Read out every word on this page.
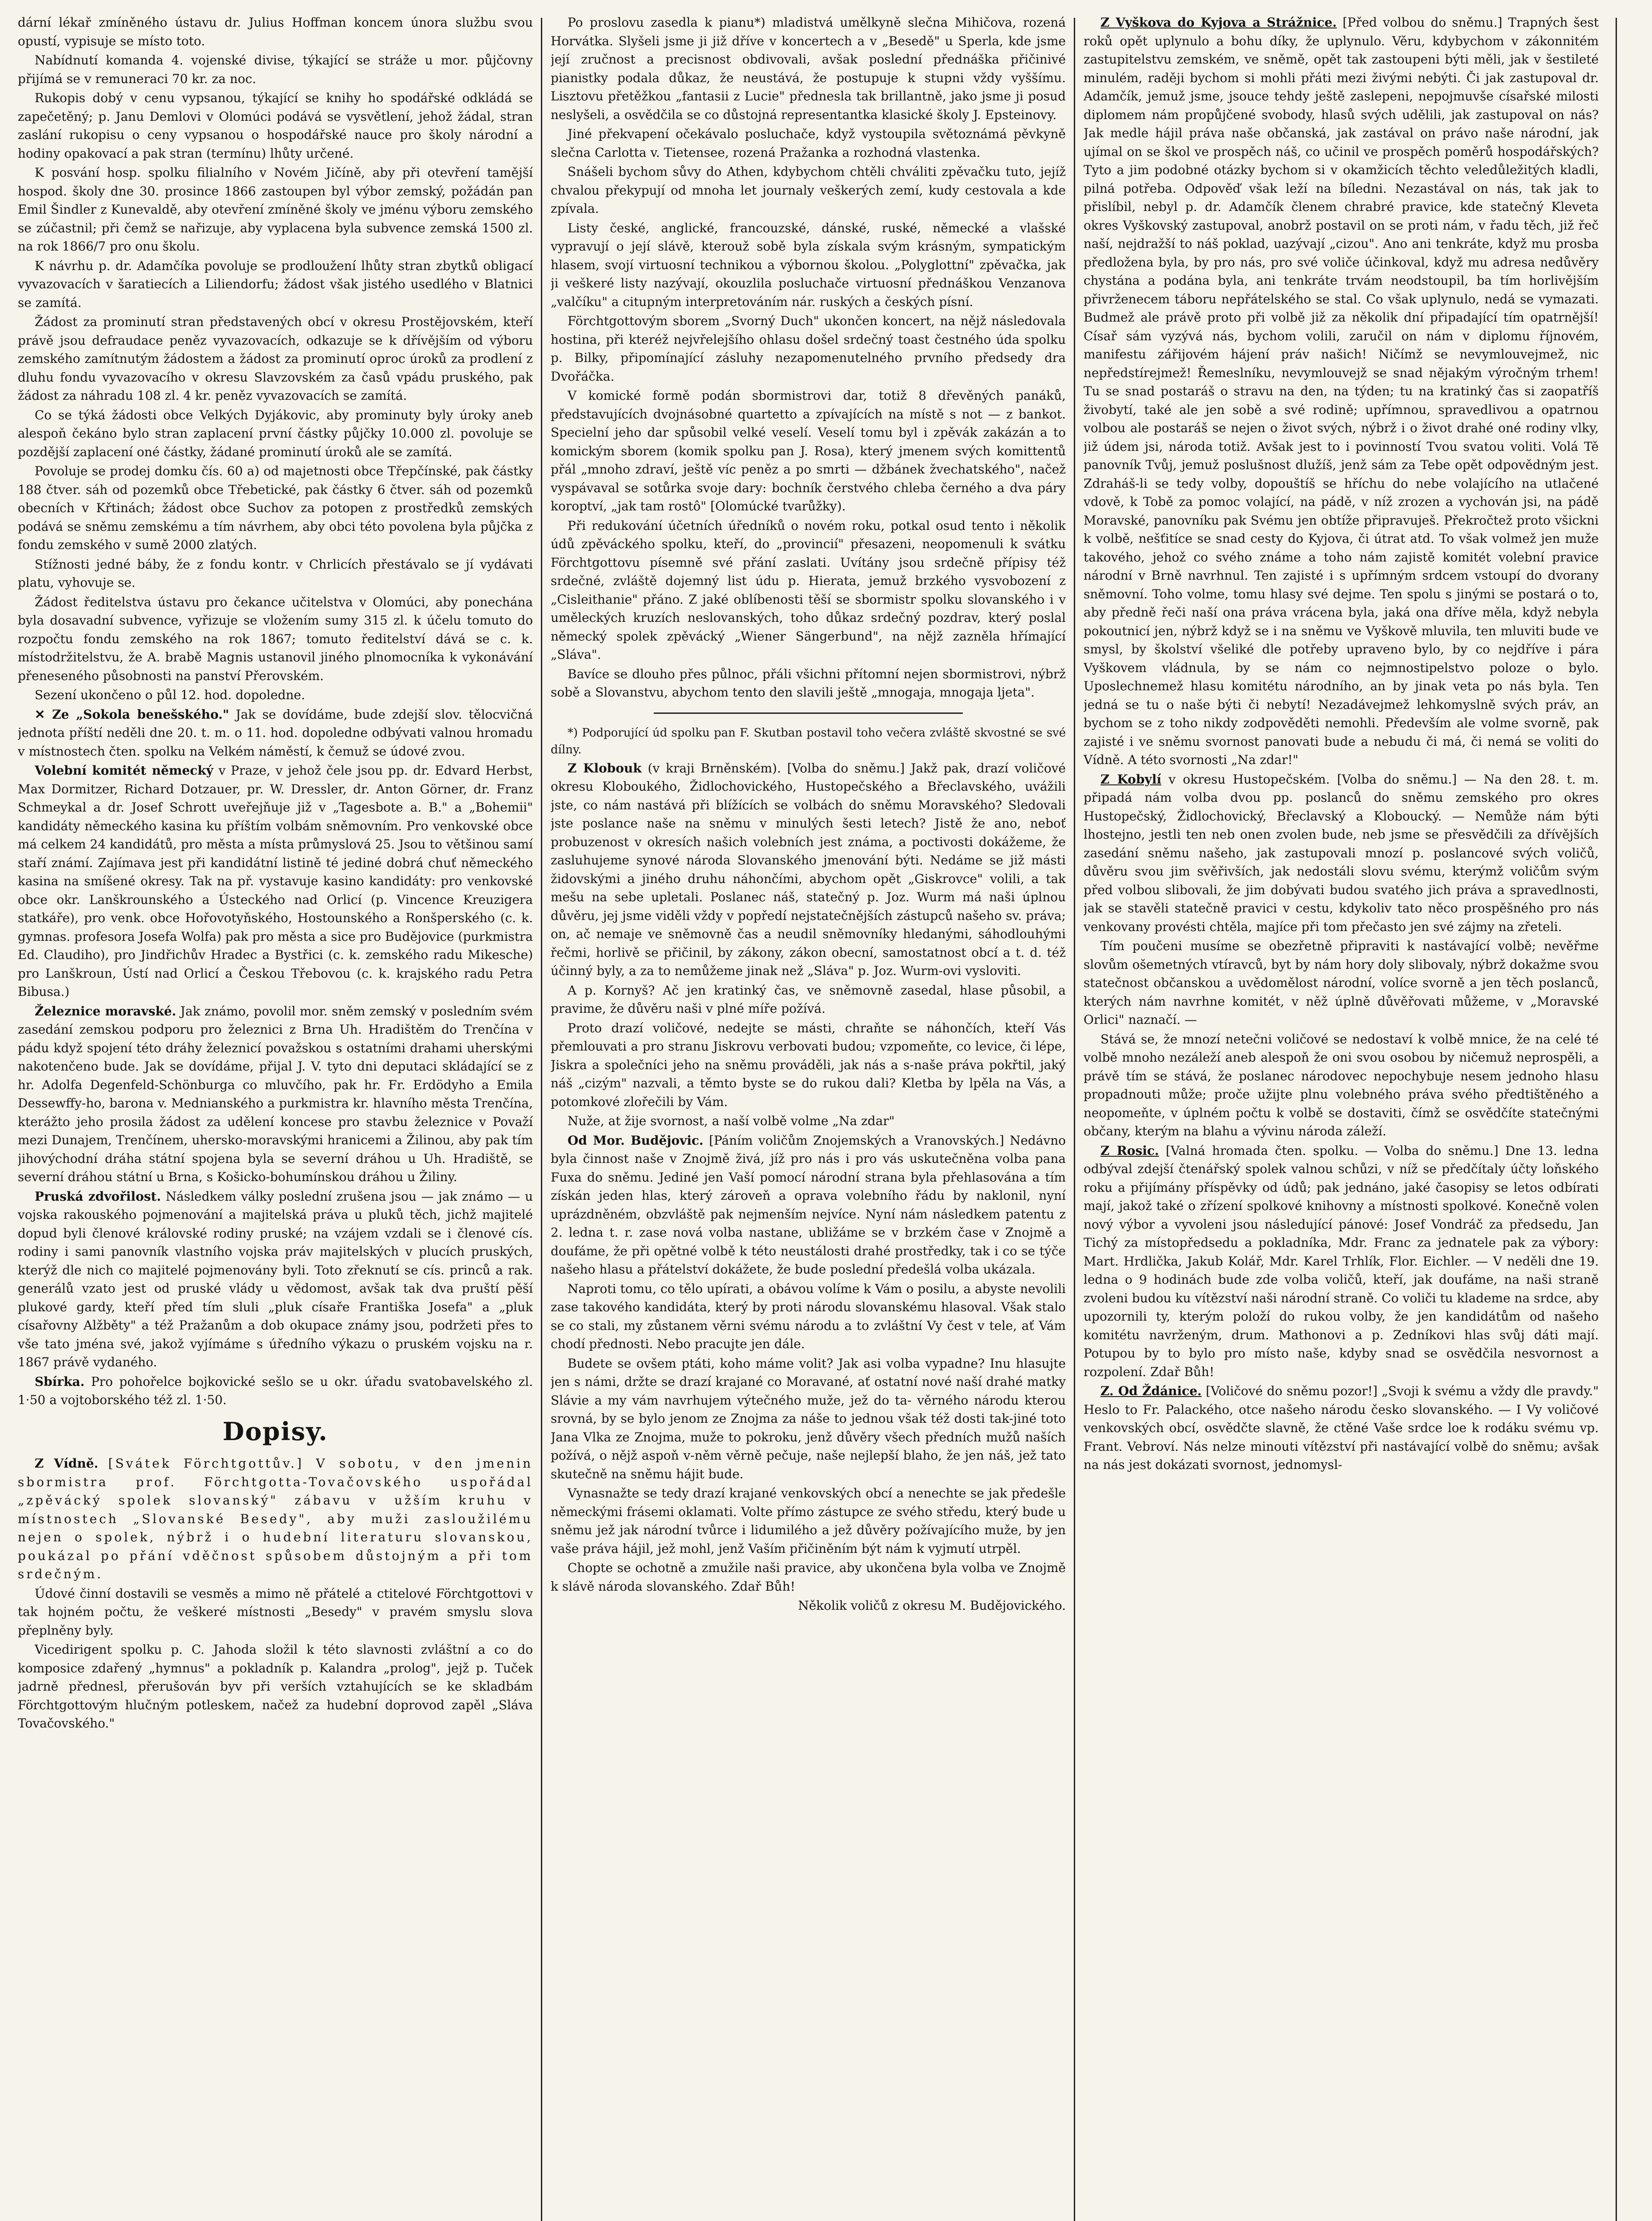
dární lékař zmíněného ústavu dr. Julius Hoffman koncem února službu svou opustí, vypisuje se místo toto.

Nabídnutí komanda 4. vojenské divise, týkající se stráže u mor. půjčovny přijímá se v remuneraci 70 kr. za noc.

Rukopis dobý v cenu vypsanou, týkající se knihy ho spodářské odkládá se zapečetěný; p. Janu Demlovi v Olomúci podává se vysvětlení, jehož žádal, stran zaslání rukopisu o ceny vypsanou o hospodářské nauce pro školy národní a hodiny opakovací a pak stran (termínu) lhůty určené.

K posvání hosp. spolku filialního v Novém Jičíně, aby při otevření tamější hospod. školy dne 30. prosince 1866 zastoupen byl výbor zemský, požádán pan Emil Šindler z Kunevaldě, aby otevření zmíněné školy ve jménu výboru zemského se zúčastnil; při čemž se nařizuje, aby vyplacena byla subvence zemská 1500 zl. na rok 1866/7 pro onu školu.

K návrhu p. dr. Adamčíka povoluje se prodloužení lhůty stran zbytků obligací vyvazovacích v šaratiecích a Liliendorfu; žádost však jistého usedlého v Blatnici se zamítá.

Žádost za prominutí stran představených obcí v okresu Prostějovském, kteří právě jsou defraudace peněz vyvazovacích, odkazuje se k dřívějším od výboru zemského zamítnutým žádostem a žádost za prominutí oproc úroků za prodlení z dluhu fondu vyvazovacího v okresu Slavzovském za časů vpádu pruského, pak žádost za náhradu 108 zl. 4 kr. peněz vyvazovacích se zamítá.

Co se týká žádosti obce Velkých Dyjákovic, aby prominuty byly úroky aneb alespoň čekáno bylo stran zaplacení první částky půjčky 10.000 zl. povoluje se pozdější zaplacení oné částky, žádané prominutí úroků ale se zamítá.

Povoluje se prodej domku čís. 60 a) od majetnosti obce Třepčínské, pak částky 188 čtver. sáh od pozemků obce Třebetické, pak částky 6 čtver. sáh od pozemků obecních v Křtinách; žádost obce Suchov za potopen z prostředků zemských podává se sněmu zemskému a tím návrhem, aby obci této povolena byla půjčka z fondu zemského v sumě 2000 zlatých.

Stížnosti jedné báby, že z fondu kontr. v Chrlicích přestávalo se jí vydávati platu, vyhovuje se.

Žádost ředitelstva ústavu pro čekance učitelstva v Olomúci, aby ponechána byla dosavadní subvence, vyřizuje se vložením sumy 315 zl. k účelu tomuto do rozpočtu fondu zemského na rok 1867; tomuto ředitelství dává se c. k. místodržitelstvu, že A. brabě Magnis ustanovil jiného plnomocníka k vykonávání přeneseného působnosti na panství Přerovském.

Sezení ukončeno o půl 12. hod. dopoledne.

✕ Ze „Sokola benešského." Jak se dovídáme, bude zdejší slov. tělocvičná jednota příští neděli dne 20. t. m. o 11. hod. dopoledne odbývati valnou hromadu v místnostech čten. spolku na Velkém náměstí, k čemuž se údové zvou.

Volební komitét německý v Praze, v jehož čele jsou pp. dr. Edvard Herbst, Max Dormitzer, Richard Dotzauer, pr. W. Dressler, dr. Anton Görner, dr. Franz Schmeykal a dr. Josef Schrott uveřejňuje již v „Tagesbote a. B." a „Bohemii" kandidáty německého kasina ku příštím volbám sněmovním. Pro venkovské obce má celkem 24 kandidátů, pro města a místa průmyslová 25. Jsou to většinou samí staří známí. Zajímava jest při kandidátní listině té jediné dobrá chuť německého kasina na smíšené okresy. Tak na př. vystavuje kasino kandidáty: pro venkovské obce okr. Lanškrounského a Ústeckého nad Orlicí (p. Vincence Kreuzigera statkáře), pro venk. obce Hořovotyňského, Hostounského a Ronšperského (c. k. gymnas. profesora Josefa Wolfa) pak pro města a sice pro Budějovice (purkmistra Ed. Claudiho), pro Jindřichův Hradec a Bystřici (c. k. zemského radu Mikesche) pro Lanškroun, Ústí nad Orlicí a Českou Třebovou (c. k. krajského radu Petra Bibusa.)

Železnice moravské. Jak známo, povolil mor. sněm zemský v posledním svém zasedání zemskou podporu pro železnici z Brna Uh. Hradištěm do Trenčína v pádu když spojení této dráhy železnicí považskou s ostatními drahami uherskými nakotenčeno bude. Jak se dovídáme, přijal J. V. tyto dni deputaci skládající se z hr. Adolfa Degenfeld-Schönburga co mluvčího, pak hr. Fr. Erdödyho a Emila Dessewffy-ho, barona v. Mednianského a purkmistra kr. hlavního města Trenčína, kterážto jeho prosila žádost za udělení koncese pro stavbu železnice v Považí mezi Dunajem, Trenčínem, uhersko-moravskými hranicemi a Žilinou, aby pak tím jihovýchodní dráha státní spojena byla se severní dráhou u Uh. Hradiště, se severní dráhou státní u Brna, s Košicko-bohumínskou dráhou u Žiliny.

Pruská zdvořilost. Následkem války poslední zrušena jsou — jak známo — u vojska rakouského pojmenování a majitelská práva u pluků těch, jichž majitelé dopud byli členové královské rodiny pruské; na vzájem vzdali se i členové cís. rodiny i sami panovník vlastního vojska práv majitelských v plucích pruských, kterýž dle nich co majitelé pojmenovány byli. Toto zřeknutí se cís. princů a rak. generálů vzato jest od pruské vlády u vědomost, avšak tak dva pruští pěší plukové gardy, kteří před tím sluli „pluk císaře Františka Josefa" a „pluk císařovny Alžběty" a též Pražanům a dob okupace známy jsou, podržeti přes to vše tato jména své, jakož vyjímáme s úředního výkazu o pruském vojsku na r. 1867 právě vydaného.

Sbírka. Pro pohořelce bojkovické sešlo se u okr. úřadu svatobavelského zl. 1·50 a vojtoborského též zl. 1·50.

Dopisy.

Z Vídně. [Svátek Förchtgottův.] V sobotu, v den jmenin sbormistra prof. Förchtgotta-Tovačovského uspořádal „zpěvácký spolek slovanský" zábavu v užším kruhu v místnostech „Slovanské Besedy", aby muži zasloužilému nejen o spolek, nýbrž i o hudební literaturu slovanskou, poukázal po přání vděčnost spůsobem důstojným a při tom srdečným.

Údové činní dostavili se vesměs a mimo ně přátelé a ctitelové Förchtgottovi v tak hojném počtu, že veškeré místnosti „Besedy" v pravém smyslu slova přeplněny byly.

Vicedirigent spolku p. C. Jahoda složil k této slavnosti zvláštní a co do komposice zdařený „hymnus" a pokladník p. Kalandra „prolog", jejž p. Tuček jadrně přednesl, přerušován byv při verších vztahujících se ke skladbám Förchtgottovým hlučným potleskem, načež za hudební doprovod zapěl „Sláva Tovačovského."

Po proslovu zasedla k pianu*) mladistvá umělkyně slečna Mihičova, rozená Horvátka. Slyšeli jsme ji již dříve v koncertech a v „Besedě" u Sperla, kde jsme její zručnost a precisnost obdivovali, avšak poslední přednáška přičinivé pianistky podala důkaz, že neustává, že postupuje k stupni vždy vyššímu. Lisztovu přetěžkou „fantasii z Lucie" přednesla tak brillantně, jako jsme ji posud neslyšeli, a osvědčila se co důstojná representantka klasické školy J. Epsteinovy.

Jiné překvapení očekávalo posluchače, když vystoupila světoznámá pěvkyně slečna Carlotta v. Tietensee, rozená Pražanka a rozhodná vlastenka.

Snášeli bychom sůvy do Athen, kdybychom chtěli chváliti zpěvačku tuto, jejíž chvalou překypují od mnoha let journaly veškerých zemí, kudy cestovala a kde zpívala.

Listy české, anglické, francouzské, dánské, ruské, německé a vlašské vypravují o její slávě, kterouž sobě byla získala svým krásným, sympatickým hlasem, svojí virtuosní technikou a výbornou školou. „Polyglottní" zpěvačka, jak ji veškeré listy nazývají, okouzlila posluchače virtuosní přednáškou Venzanova „valčíku" a citupným interpretováním nár. ruských a českých písní.

Förchtgottovým sborem „Svorný Duch" ukončen koncert, na nějž následovala hostina, při kteréž nejvřelejšího ohlasu došel srdečný toast čestného úda spolku p. Bilky, připomínající zásluhy nezapomenutelného prvního předsedy dra Dvořáčka.

V komické formě podán sbormistrovi dar, totiž 8 dřevěných panáků, představujících dvojnásobné quartetto a zpívajících na místě s not — z bankot. Specielní jeho dar spůsobil velké veselí. Veselí tomu byl i zpěvák zakázán a to komickým sborem (komik spolku pan J. Rosa), který jmenem svých komittentů přál „mnoho zdraví, ještě víc peněz a po smrti — džbánek žvechatského", načež vyspávaval se sotůrka svoje dary: bochník čerstvého chleba černého a dva páry koroptví, „jak tam rostô" [Olomúcké tvarůžky).

Při redukování účetních úředníků o novém roku, potkal osud tento i několik údů zpěváckého spolku, kteří, do „provincií" přesazeni, neopomenuli k svátku Förchtgottovu písemně své přání zaslati. Uvítány jsou srdečně přípisy též srdečné, zvláště dojemný list údu p. Hierata, jemuž brzkého vysvobození z „Cisleithanie" přáno. Z jaké oblíbenosti těší se sbormistr spolku slovanského i v uměleckých kruzích neslovanských, toho důkaz srdečný pozdrav, který poslal německý spolek zpěvácký „Wiener Sängerbund", na nějž zazněla hřímající „Sláva".

Bavíce se dlouho přes půlnoc, přáli všichni přítomní nejen sbormistrovi, nýbrž sobě a Slovanstvu, abychom tento den slavili ještě „mnogaja, mnogaja ljeta".

*) Podporující úd spolku pan F. Skutban postavil toho večera zvláště skvostné se své dílny.

Z Klobouk (v kraji Brněnském). [Volba do sněmu.] Jakž pak, drazí voličové okresu Kloboukého, Židlochovického, Hustopečského a Břeclavského, uvážili jste, co nám nastává při blížících se volbách do sněmu Moravského? Sledovali jste poslance naše na sněmu v minulých šesti letech? Jistě že ano, neboť probuzenost v okresích našich volebních jest známa, a poctivosti dokážeme, že zasluhujeme synové národa Slovanského jmenování býti. Nedáme se již másti židovskými a jiného druhu náhončími, abychom opět „Giskrovce" volili, a tak mešu na sebe upletali. Poslanec náš, statečný p. Joz. Wurm má naši úplnou důvěru, jej jsme viděli vždy v popředí nejstatečnějších zástupců našeho sv. práva; on, ač nemaje ve sněmovně čas a neudil sněmovníky hledanými, sáhodlouhými řečmi, horlivě se přičinil, by zákony, zákon obecní, samostatnost obcí a t. d. též účinný byly, a za to nemůžeme jinak než „Sláva" p. Joz. Wurm-ovi vysloviti.

A p. Kornyš? Ač jen kratinký čas, ve sněmovně zasedal, hlase působil, a pravime, že důvěru naši v plné míře požívá.

Proto drazí voličové, nedejte se másti, chraňte se náhončích, kteří Vás přemlouvati a pro stranu Jiskrovu verbovati budou; vzpomeňte, co levice, či lépe, Jiskra a společníci jeho na sněmu prováděli, jak nás a s-naše práva pokřtil, jaký náš „cizým" nazvali, a těmto byste se do rukou dali? Kletba by lpěla na Vás, a potomkové zlořečili by Vám.

Nuže, at žije svornost, a naší volbě volme „Na zdar"

Od Mor. Budějovic. [Páním voličům Znojemských a Vranovských.] Nedávno byla činnost naše v Znojmě živá, jíž pro nás i pro vás uskutečněna volba pana Fuxa do sněmu. Jediné jen Vaší pomocí národní strana byla přehlasována a tím získán jeden hlas, který zároveň a oprava volebního řádu by naklonil, nyní uprázdněném, obzvláště pak nejmenším nejvíce. Nyní nám následkem patentu z 2. ledna t. r. zase nová volba nastane, ubližáme se v brzkém čase v Znojmě a doufáme, že při opětné volbě k této neustálosti drahé prostředky, tak i co se týče našeho hlasu a přátelství dokážete, že bude poslední předešlá volba ukázala.

Naproti tomu, co tělo upírati, a obávou volíme k Vám o posilu, a abyste nevolili zase takového kandidáta, který by proti národu slovanskému hlasoval. Však stalo se co stali, my zůstanem věrni svému národu a to zvláštní Vy čest v tele, ať Vám chodí přednosti. Nebo pracujte jen dále.

Budete se ovšem ptáti, koho máme volit? Jak asi volba vypadne? Inu hlasujte jen s námi, držte se drazí krajané co Moravané, ať ostatní nové naší drahé matky Slávie a my vám navrhujem výtečného muže, jež do ta- věrného národu kterou srovná, by se bylo jenom ze Znojma za náše to jednou však též dosti tak-jiné toto Jana Vlka ze Znojma, muže to pokroku, jenž důvěry všech předních mužů naších požívá, o nějž aspoň v-něm věrně pečuje, naše nejlepší blaho, že jen náš, jež tato skutečně na sněmu hájit bude.

Vynasnažte se tedy drazí krajané venkovských obcí a nenechte se jak předešle německými frásemi oklamati. Volte přímo zástupce ze svého středu, který bude u sněmu jež jak národní tvůrce i lidumilého a jež důvěry požívajícího muže, by jen vaše práva hájil, jež mohl, jenž Vaším přičiněním být nám k vyjmutí utrpěl.

Chopte se ochotně a zmužile naši pravice, aby ukončena byla volba ve Znojmě k slávě národa slovanského. Zdař Bůh!

Několik voličů z okresu M. Budějovického.

Z Vyškova do Kyjova a Strážnice. [Před volbou do sněmu.] Trapných šest roků opět uplynulo a bohu díky, že uplynulo. Věru, kdybychom v zákonnitém zastupitelstvu zemském, ve sněmě, opět tak zastoupeni býti měli, jak v šestileté minulém, raději bychom si mohli přáti mezi živými nebýti. Či jak zastupoval dr. Adamčík, jemuž jsme, jsouce tehdy ještě zaslepeni, nepojmuvše císařské milosti diplomem nám propůjčené svobody, hlasů svých udělili, jak zastupoval on nás? Jak medle hájil práva naše občanská, jak zastával on právo naše národní, jak ujímal on se škol ve prospěch náš, co učinil ve prospěch poměrů hospodářských? Tyto a jim podobné otázky bychom si v okamžicích těchto veledůležitých kladli, pilná potřeba. Odpověď však leží na bíledni. Nezastával on nás, tak jak to přislíbil, nebyl p. dr. Adamčík členem chrabré pravice, kde statečný Kleveta okres Vyškovský zastupoval, anobrž postavil on se proti nám, v řadu těch, již řeč naší, nejdražší to náš poklad, uazývají „cizou". Ano ani tenkráte, když mu prosba předložena byla, by pro nás, pro své voliče účinkoval, když mu adresa nedůvěry chystána a podána byla, ani tenkráte trvám neodstoupil, ba tím horlivějším přivrženecem táboru nepřátelského se stal. Co však uplynulo, nedá se vymazati. Budmež ale právě proto při volbě již za několik dní připadající tím opatrnější! Císař sám vyzývá nás, bychom volili, zaručil on nám v diplomu říjnovém, manifestu zářijovém hájení práv našich! Ničímž se nevymlouvejmež, nic nepředstírejmež! Řemeslníku, nevymlouvejž se snad nějakým výročným trhem! Tu se snad postaráš o stravu na den, na týden; tu na kratinký čas si zaopatříš živobytí, také ale jen sobě a své rodině; upřímnou, spravedlivou a opatrnou volbou ale postaráš se nejen o život svých, nýbrž i o život drahé oné rodiny vlky, již údem jsi, národa totiž. Avšak jest to i povinností Tvou svatou voliti. Volá Tě panovník Tvůj, jemuž poslušnost dlužíš, jenž sám za Tebe opět odpovědným jest. Zdraháš-li se tedy volby, dopouštíš se hříchu do nebe volajícího na utlačené vdově, k Tobě za pomoc volající, na pádě, v níž zrozen a vychován jsi, na pádě Moravské, panovníku pak Svému jen obtíže připravuješ. Překročtež proto všickni k volbě, nešťitíce se snad cesty do Kyjova, či útrat atd. To však volmež jen muže takového, jehož co svého známe a toho nám zajistě komitét volební pravice národní v Brně navrhnul. Ten zajisté i s upřímným srdcem vstoupí do dvorany sněmovní. Toho volme, tomu hlasy své dejme. Ten spolu s jinými se postará o to, aby předně řeči naší ona práva vrácena byla, jaká ona dříve měla, když nebyla pokoutnicí jen, nýbrž když se i na sněmu ve Vyškově mluvila, ten mluviti bude ve smysl, by školství všeliké dle potřeby upraveno bylo, by co nejdříve i pára Vyškovem vládnula, by se nám co nejmnostipelstvo poloze o bylo. Uposlechnemež hlasu komitétu národního, an by jinak veta po nás byla. Ten jedná se tu o naše býti či nebytí! Nezadávejmež lehkomyslně svých práv, an bychom se z toho nikdy zodpověděti nemohli. Především ale volme svorně, pak zajisté i ve sněmu svornost panovati bude a nebudu či má, či nemá se voliti do Vídně. A této svornosti „Na zdar!"

Z Kobylí v okresu Hustopečském. [Volba do sněmu.] — Na den 28. t. m. připadá nám volba dvou pp. poslanců do sněmu zemského pro okres Hustopečský, Židlochovický, Břeclavský a Kloboucký. — Nemůže nám býti lhostejno, jestli ten neb onen zvolen bude, neb jsme se přesvědčili za dřívějších zasedání sněmu našeho, jak zastupovali mnozí p. poslancové svých voličů, důvěru svou jim svěřivších, jak nedostáli slovu svému, kterýmž voličům svým před volbou slibovali, že jim dobývati budou svatého jich práva a spravedlnosti, jak se stavěli statečně pravici v cestu, kdykoliv tato něco prospěšného pro nás venkovany provésti chtěla, majíce při tom přečasto jen své zájmy na zřeteli.

Tím poučeni musíme se obezřetně připraviti k nastávající volbě; nevěřme slovům ošemetných vtíravců, byt by nám hory doly slibovaly, nýbrž dokažme svou statečnost občanskou a uvědomělost národní, volíce svorně a jen těch poslanců, kterých nám navrhne komitét, v něž úplně důvěřovati můžeme, v „Moravské Orlici" naznačí. —

Stává se, že mnozí netečni voličové se nedostaví k volbě mnice, že na celé té volbě mnoho nezáleží aneb alespoň že oni svou osobou by ničemuž neprospěli, a právě tím se stává, že poslanec národovec nepochybuje nesem jednoho hlasu propadnouti může; proče užijte plnu volebného práva svého předtištěného a neopomeňte, v úplném počtu k volbě se dostaviti, čímž se osvědčíte statečnými občany, kterým na blahu a vývinu národa záleží.

Z Rosic. [Valná hromada čten. spolku. — Volba do sněmu.] Dne 13. ledna odbýval zdejší čtenářský spolek valnou schůzi, v níž se předčítaly účty loňského roku a přijímány příspěvky od údů; pak jednáno, jaké časopisy se letos odbírati mají, jakož také o zřízení spolkové knihovny a místnosti spolkové. Konečně volen nový výbor a vyvoleni jsou následující pánové: Josef Vondráč za předsedu, Jan Tichý za místopředsedu a pokladníka, Mdr. Franc za jednatele pak za výbory: Mart. Hrdlička, Jakub Kolář, Mdr. Karel Trhlík, Flor. Eichler. — V neděli dne 19. ledna o 9 hodinách bude zde volba voličů, kteří, jak doufáme, na naši straně zvoleni budou ku vítězství naši národní straně. Co voliči tu klademe na srdce, aby upozornili ty, kterým položí do rukou volby, že jen kandidátům od našeho komitétu navrženým, drum. Mathonovi a p. Zedníkovi hlas svůj dáti mají. Potupou by to bylo pro místo naše, kdyby snad se osvědčila nesvornost a rozpolení. Zdař Bůh!

Z. Od Ždánice. [Voličové do sněmu pozor!] „Svoji k svému a vždy dle pravdy." Heslo to Fr. Palackého, otce našeho národu česko slovanského. — I Vy voličové venkovských obcí, osvědčte slavně, že ctěné Vaše srdce loe k rodáku svému vp. Frant. Vebroví. Nás nelze minouti vítězství při nastávající volbě do sněmu; avšak na nás jest dokázati svornost, jednomysl-
